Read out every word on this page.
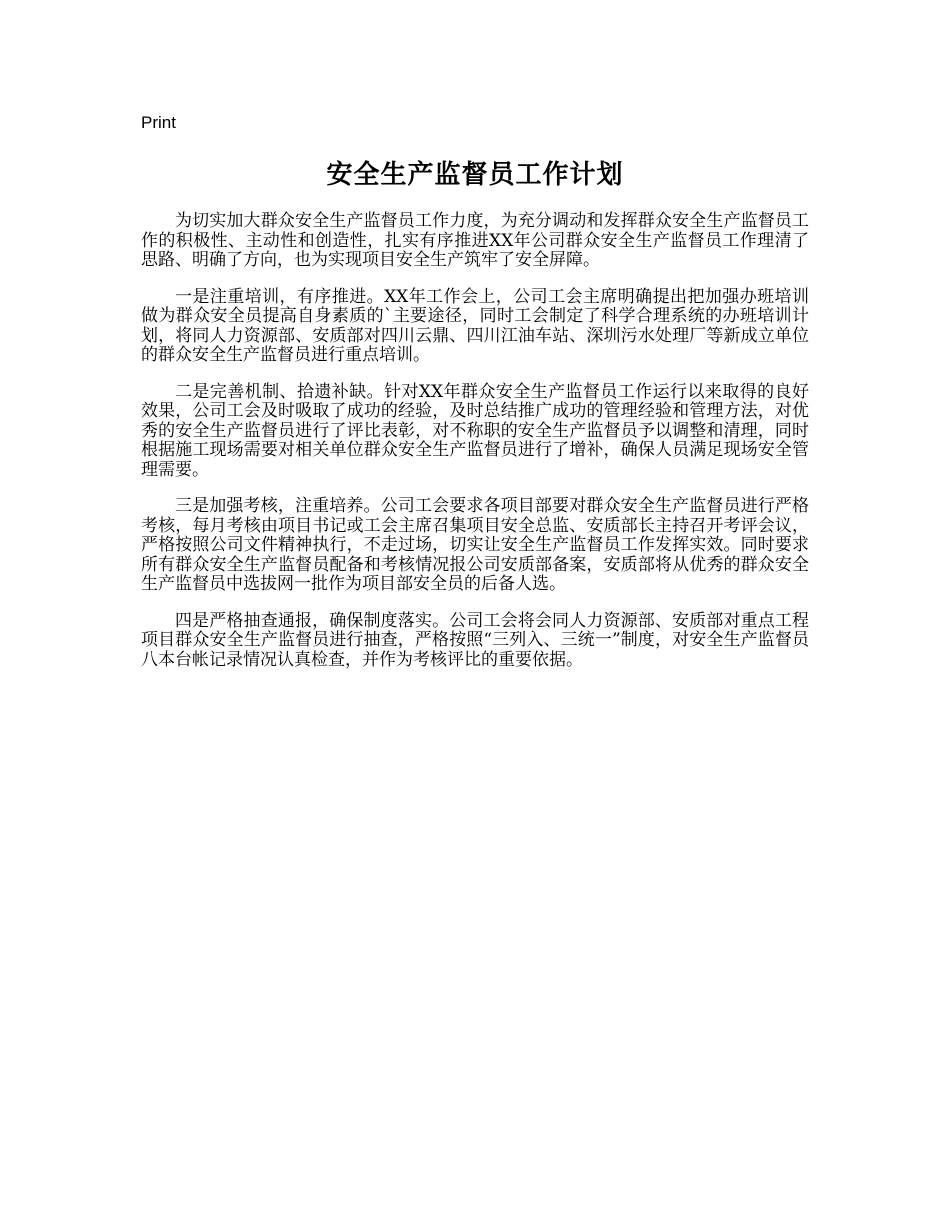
Print
安全生产监督员工作计划

为切实加大群众安全生产监督员工作力度，为充分调动和发挥群众安全生产监督员工作的积极性、主动性和创造性，扎实有序推进XX年公司群众安全生产监督员工作理清了思路、明确了方向，也为实现项目安全生产筑牢了安全屏障。

一是注重培训，有序推进。XX年工作会上，公司工会主席明确提出把加强办班培训做为群众安全员提高自身素质的`主要途径，同时工会制定了科学合理系统的办班培训计划，将同人力资源部、安质部对四川云鼎、四川江油车站、深圳污水处理厂等新成立单位的群众安全生产监督员进行重点培训。

二是完善机制、拾遗补缺。针对XX年群众安全生产监督员工作运行以来取得的良好效果，公司工会及时吸取了成功的经验，及时总结推广成功的管理经验和管理方法，对优秀的安全生产监督员进行了评比表彰，对不称职的安全生产监督员予以调整和清理，同时根据施工现场需要对相关单位群众安全生产监督员进行了增补，确保人员满足现场安全管理需要。

三是加强考核，注重培养。公司工会要求各项目部要对群众安全生产监督员进行严格考核，每月考核由项目书记或工会主席召集项目安全总监、安质部长主持召开考评会议，严格按照公司文件精神执行，不走过场，切实让安全生产监督员工作发挥实效。同时要求所有群众安全生产监督员配备和考核情况报公司安质部备案，安质部将从优秀的群众安全生产监督员中选拔网一批作为项目部安全员的后备人选。

四是严格抽查通报，确保制度落实。公司工会将会同人力资源部、安质部对重点工程项目群众安全生产监督员进行抽查，严格按照“三列入、三统一”制度，对安全生产监督员八本台帐记录情况认真检查，并作为考核评比的重要依据。
